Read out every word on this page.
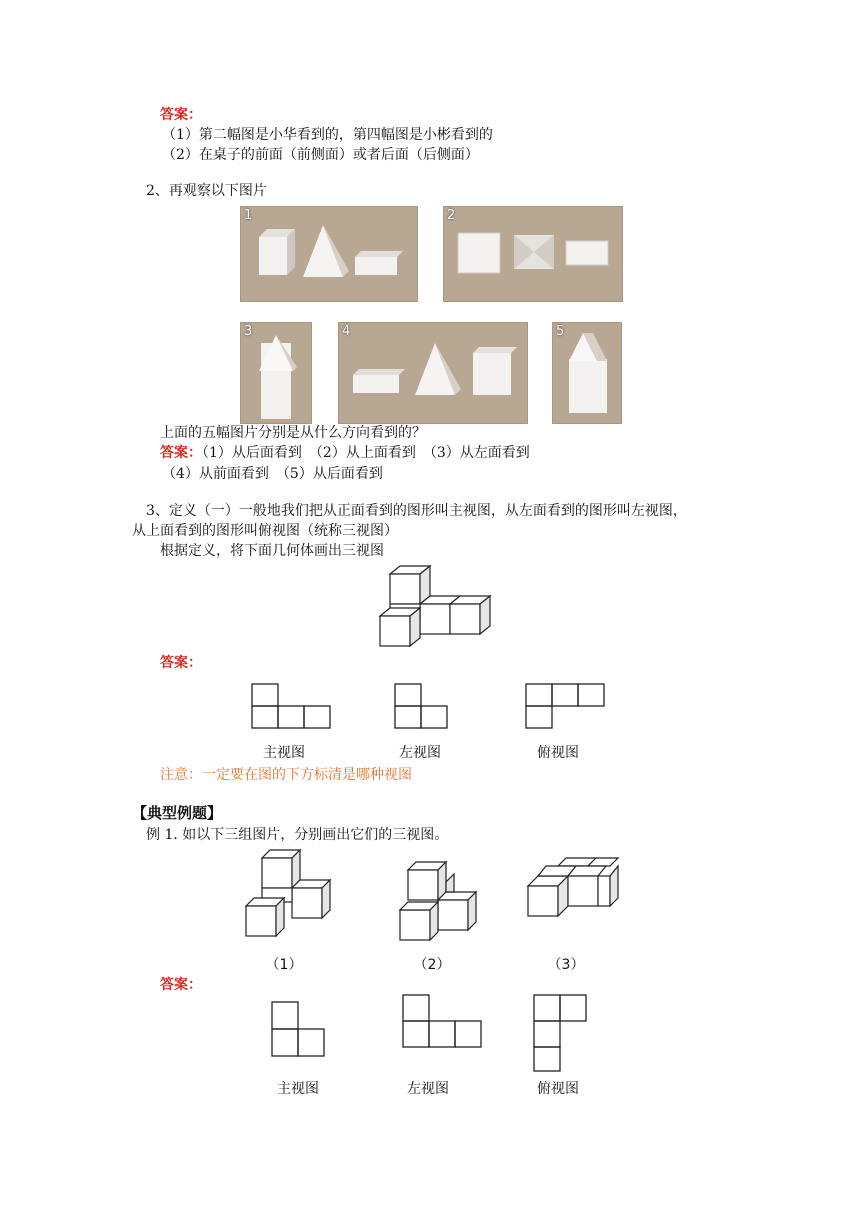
答案：
（1）第二幅图是小华看到的，第四幅图是小彬看到的
（2）在桌子的前面（前侧面）或者后面（后侧面）
2、再观察以下图片
1	2
3	4	5
上面的五幅图片分别是从什么方向看到的？
答案：（1）从后面看到　（2）从上面看到　（3）从左面看到
（4）从前面看到　（5）从后面看到
3、定义（一）一般地我们把从正面看到的图形叫主视图，从左面看到的图形叫左视图，
从上面看到的图形叫俯视图（统称三视图）
根据定义，将下面几何体画出三视图
答案：
主视图	左视图	俯视图
注意：一定要在图的下方标清是哪种视图
【典型例题】
例 1. 如以下三组图片，分别画出它们的三视图。
（1）	（2）	（3）
答案：
主视图	左视图	俯视图
